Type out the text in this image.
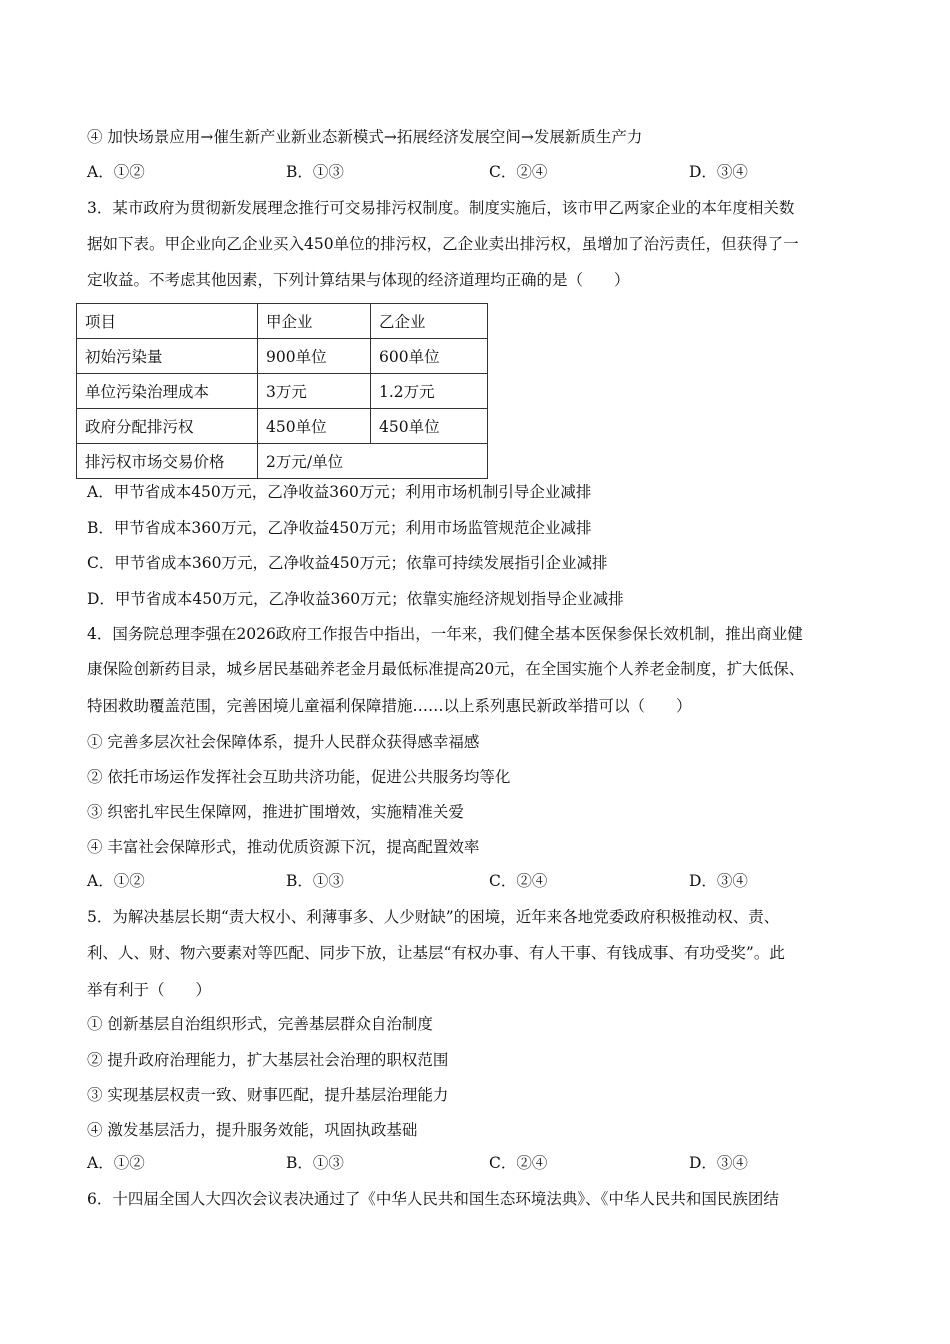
④ 加快场景应用→催生新产业新业态新模式→拓展经济发展空间→发展新质生产力
A．①②	B．①③	C．②④	D．③④
3．某市政府为贯彻新发展理念推行可交易排污权制度。制度实施后，该市甲乙两家企业的本年度相关数
据如下表。甲企业向乙企业买入450单位的排污权，乙企业卖出排污权，虽增加了治污责任，但获得了一
定收益。不考虑其他因素，下列计算结果与体现的经济道理均正确的是（　　）
项目	甲企业	乙企业
初始污染量	900单位	600单位
单位污染治理成本	3万元	1.2万元
政府分配排污权	450单位	450单位
排污权市场交易价格	2万元/单位	
A．甲节省成本450万元，乙净收益360万元；利用市场机制引导企业减排
B．甲节省成本360万元，乙净收益450万元；利用市场监管规范企业减排
C．甲节省成本360万元，乙净收益450万元；依靠可持续发展指引企业减排
D．甲节省成本450万元，乙净收益360万元；依靠实施经济规划指导企业减排
4．国务院总理李强在2026政府工作报告中指出，一年来，我们健全基本医保参保长效机制，推出商业健
康保险创新药目录，城乡居民基础养老金月最低标准提高20元，在全国实施个人养老金制度，扩大低保、
特困救助覆盖范围，完善困境儿童福利保障措施……以上系列惠民新政举措可以（　　）
① 完善多层次社会保障体系，提升人民群众获得感幸福感
② 依托市场运作发挥社会互助共济功能，促进公共服务均等化
③ 织密扎牢民生保障网，推进扩围增效，实施精准关爱
④ 丰富社会保障形式，推动优质资源下沉，提高配置效率
A．①②	B．①③	C．②④	D．③④
5．为解决基层长期“责大权小、利薄事多、人少财缺”的困境，近年来各地党委政府积极推动权、责、
利、人、财、物六要素对等匹配、同步下放，让基层“有权办事、有人干事、有钱成事、有功受奖”。此
举有利于（　　）
① 创新基层自治组织形式，完善基层群众自治制度
② 提升政府治理能力，扩大基层社会治理的职权范围
③ 实现基层权责一致、财事匹配，提升基层治理能力
④ 激发基层活力，提升服务效能，巩固执政基础
A．①②	B．①③	C．②④	D．③④
6．十四届全国人大四次会议表决通过了《中华人民共和国生态环境法典》、《中华人民共和国民族团结
